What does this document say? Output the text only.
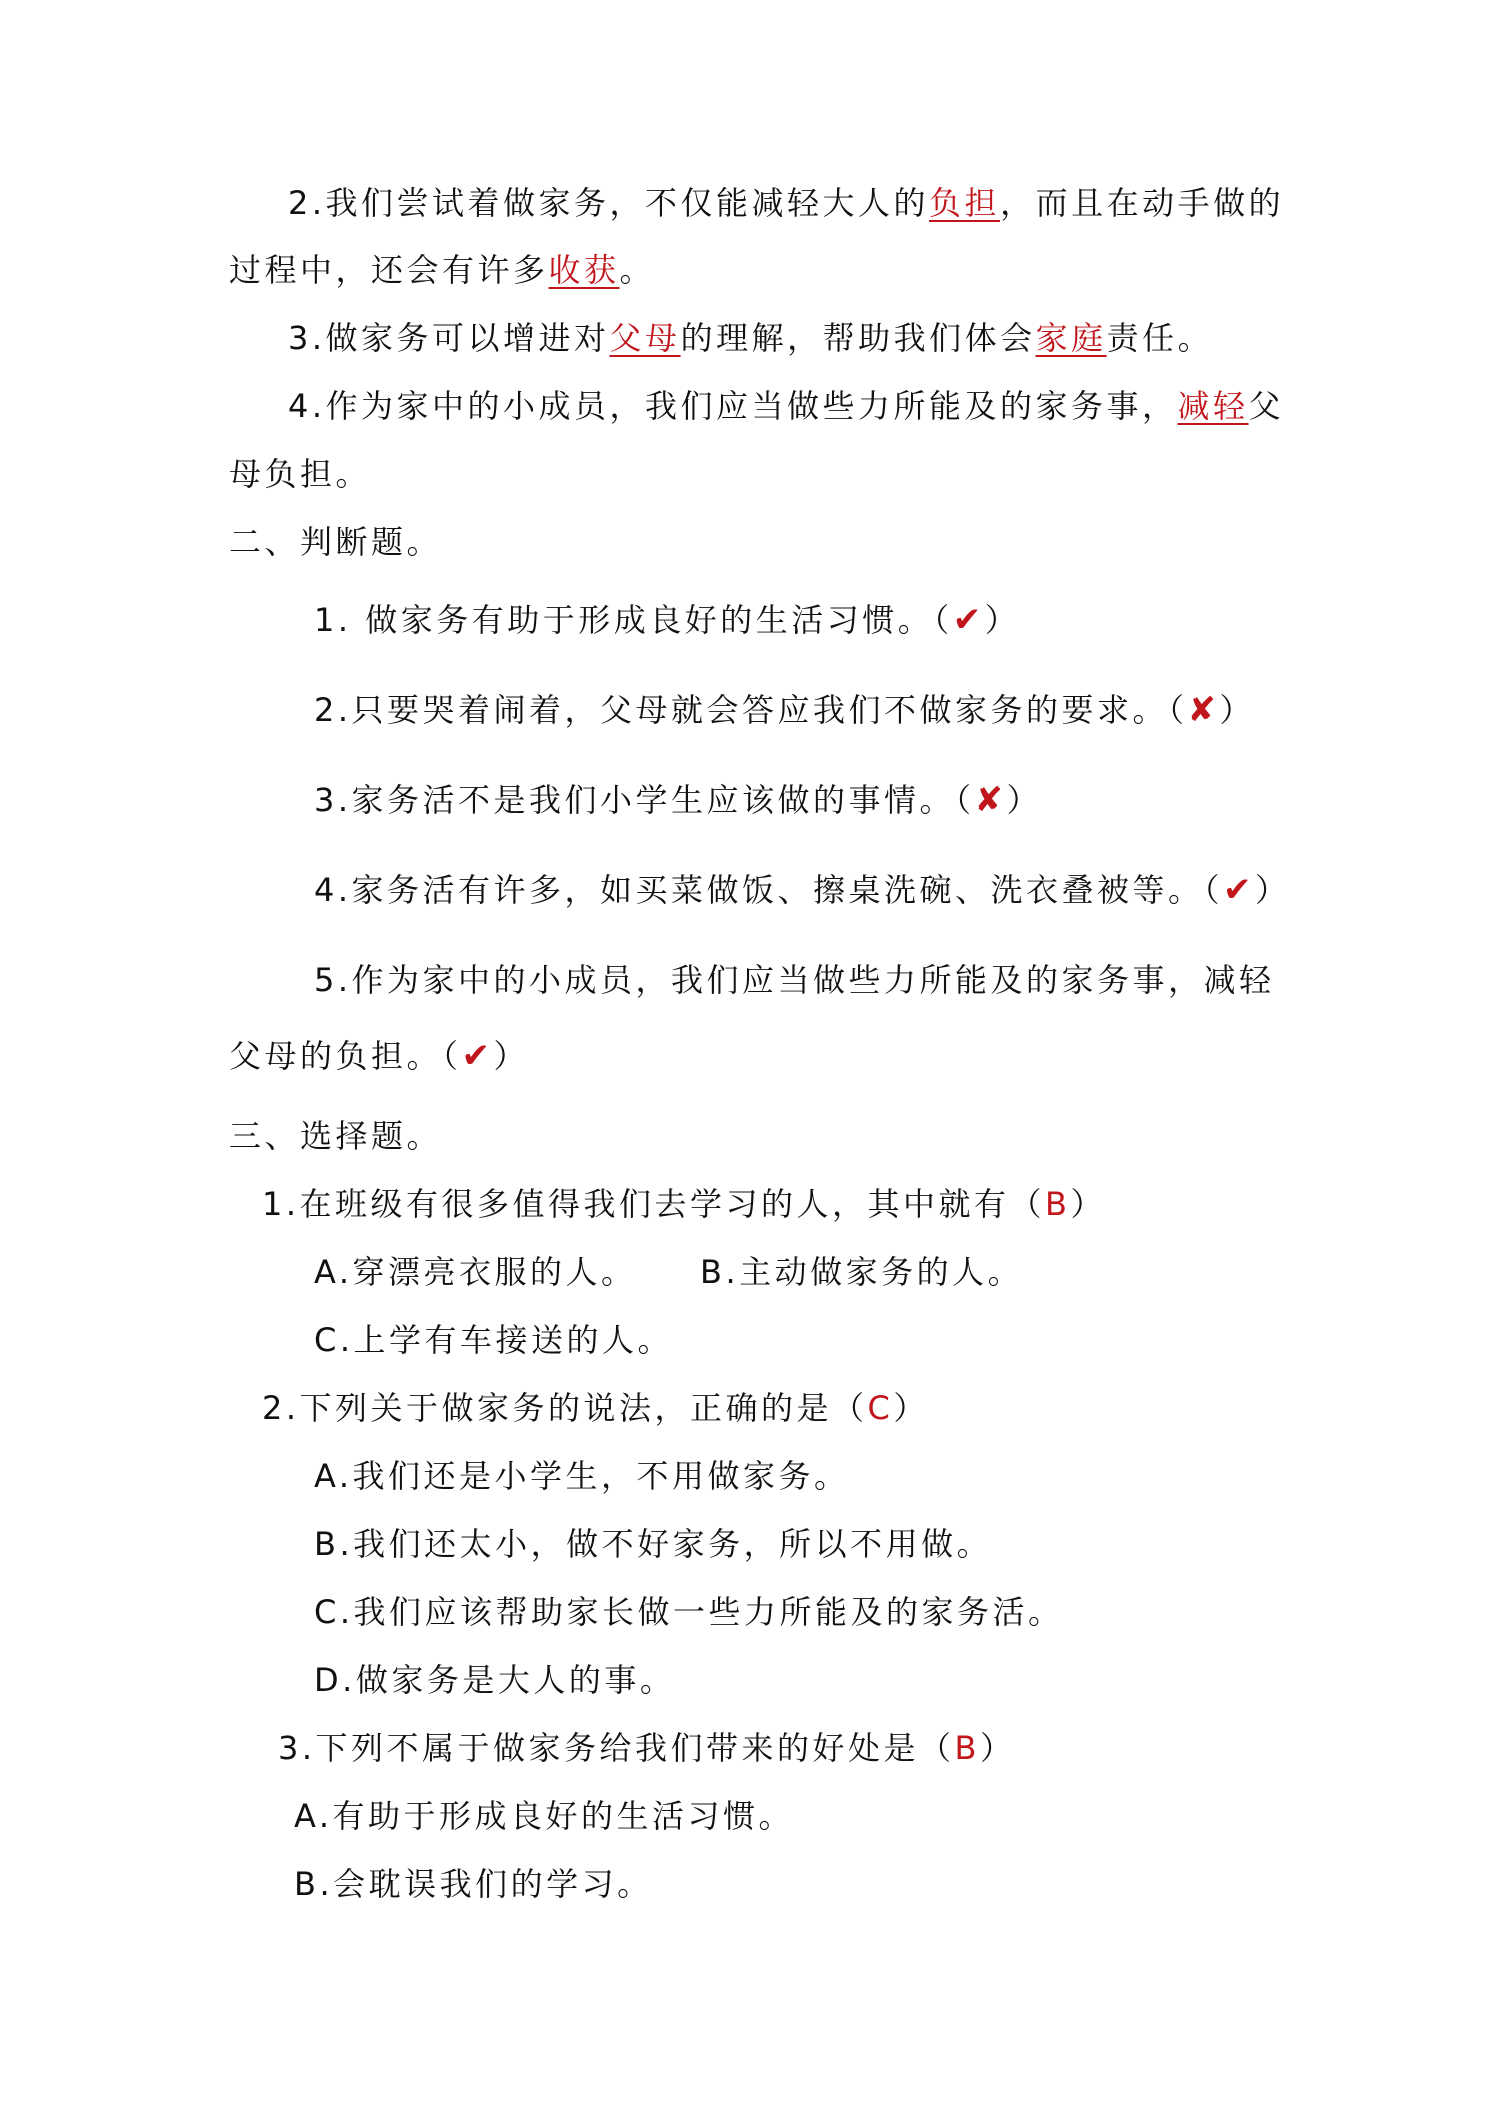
2.我们尝试着做家务，不仅能减轻大人的负担，而且在动手做的
过程中，还会有许多收获。
3.做家务可以增进对父母的理解，帮助我们体会家庭责任。
4.作为家中的小成员，我们应当做些力所能及的家务事，减轻父
母负担。
二、判断题。
1. 做家务有助于形成良好的生活习惯。（✔）
2.只要哭着闹着，父母就会答应我们不做家务的要求。（✘）
3.家务活不是我们小学生应该做的事情。（✘）
4.家务活有许多，如买菜做饭、擦桌洗碗、洗衣叠被等。（✔）
5.作为家中的小成员，我们应当做些力所能及的家务事，减轻
父母的负担。（✔）
三、选择题。
1.在班级有很多值得我们去学习的人，其中就有（B）
A.穿漂亮衣服的人。 B.主动做家务的人。
C.上学有车接送的人。
2.下列关于做家务的说法，正确的是（C）
A.我们还是小学生，不用做家务。
B.我们还太小，做不好家务，所以不用做。
C.我们应该帮助家长做一些力所能及的家务活。
D.做家务是大人的事。
3.下列不属于做家务给我们带来的好处是（B）
A.有助于形成良好的生活习惯。
B.会耽误我们的学习。
